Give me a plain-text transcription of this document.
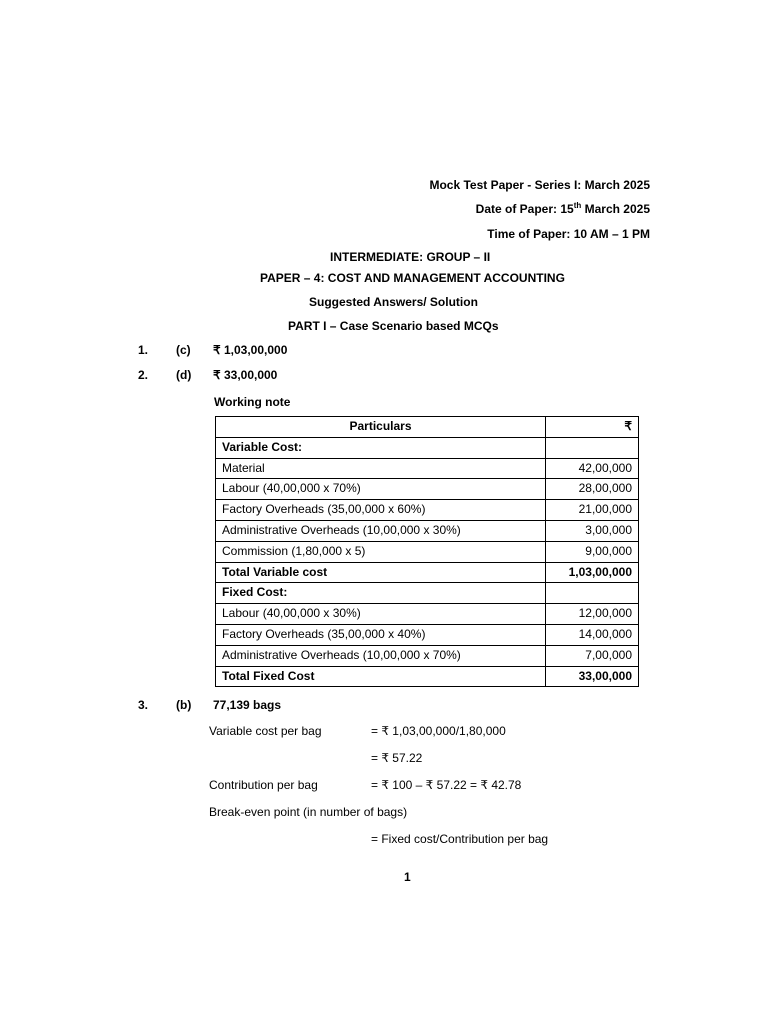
Mock Test Paper - Series I: March 2025
Date of Paper: 15th March 2025
Time of Paper: 10 AM – 1 PM
INTERMEDIATE: GROUP – II
PAPER – 4: COST AND MANAGEMENT ACCOUNTING
Suggested Answers/ Solution
PART I – Case Scenario based MCQs
1. (c) ₹ 1,03,00,000
2. (d) ₹ 33,00,000
Working note
Particulars	₹
Variable Cost:	
Material	42,00,000
Labour (40,00,000 x 70%)	28,00,000
Factory Overheads (35,00,000 x 60%)	21,00,000
Administrative Overheads (10,00,000 x 30%)	3,00,000
Commission (1,80,000 x 5)	9,00,000
Total Variable cost	1,03,00,000
Fixed Cost:	
Labour (40,00,000 x 30%)	12,00,000
Factory Overheads (35,00,000 x 40%)	14,00,000
Administrative Overheads (10,00,000 x 70%)	7,00,000
Total Fixed Cost	33,00,000
3. (b) 77,139 bags
Variable cost per bag	= ₹ 1,03,00,000/1,80,000
= ₹ 57.22
Contribution per bag	= ₹ 100 – ₹ 57.22 = ₹ 42.78
Break-even point (in number of bags)
= Fixed cost/Contribution per bag
1
